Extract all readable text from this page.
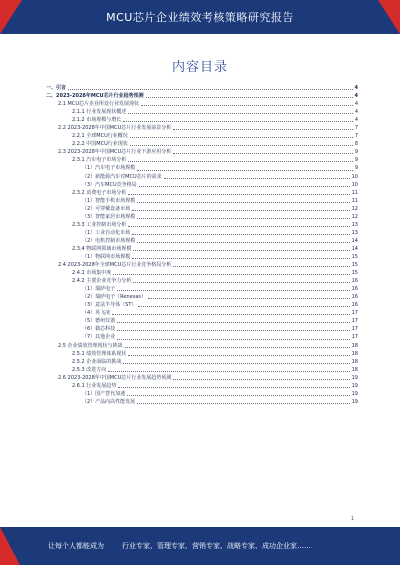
MCU芯片企业绩效考核策略研究报告
内容目录
一、引言	4
二、2023-2028年MCU芯片行业趋势预测	4
2.1 MCU芯片企业所处行业发展现状	4
2.1.1 行业发展现状概述	4
2.1.2 市场规模与增长	4
2.2 2023-2028年中国MCU芯片行业发展前景分析	7
2.2.1 全球MCU行业概况	7
2.2.2 中国MCU行业现状	8
2.3 2023-2028年中国MCU芯片行业下游应用分析	9
2.3.1 汽车电子市场分析	9
（1）汽车电子市场规模	9
（2）新能源汽车对MCU芯片的需求	10
（3）汽车MCU竞争格局	10
2.3.2 消费电子市场分析	11
（1）智能手机市场规模	11
（2）可穿戴设备市场	12
（3）智能家居市场规模	12
2.3.3 工业控制市场分析	13
（1）工业自动化市场	13
（2）电机控制市场规模	14
2.3.4 物联网领域市场规模	14
（1）物联网市场规模	15
2.4 2023-2028年全球MCU芯片行业竞争格局分析	15
2.4.1 市场集中度	15
2.4.2 主要企业竞争力分析	16
（1）瑞萨电子	16
（2）瑞萨电子（Renesas）	16
（3）意法半导体（ST）	16
（4）英飞凌	17
（5）德州仪器	17
（6）微芯科技	17
（7）其他企业	17
2.5 企业绩效管理现状与挑战	18
2.5.1 绩效管理体系现状	18
2.5.2 企业面临的挑战	18
2.5.3 改进方向	18
2.6 2023-2028年中国MCU芯片行业发展趋势预测	19
2.6.1 行业发展趋势	19
（1）国产替代加速	19
（2）产品向高性能发展	19
1
让每个人都能成为	行业专家、管理专家、营销专家、战略专家、成功企业家……
